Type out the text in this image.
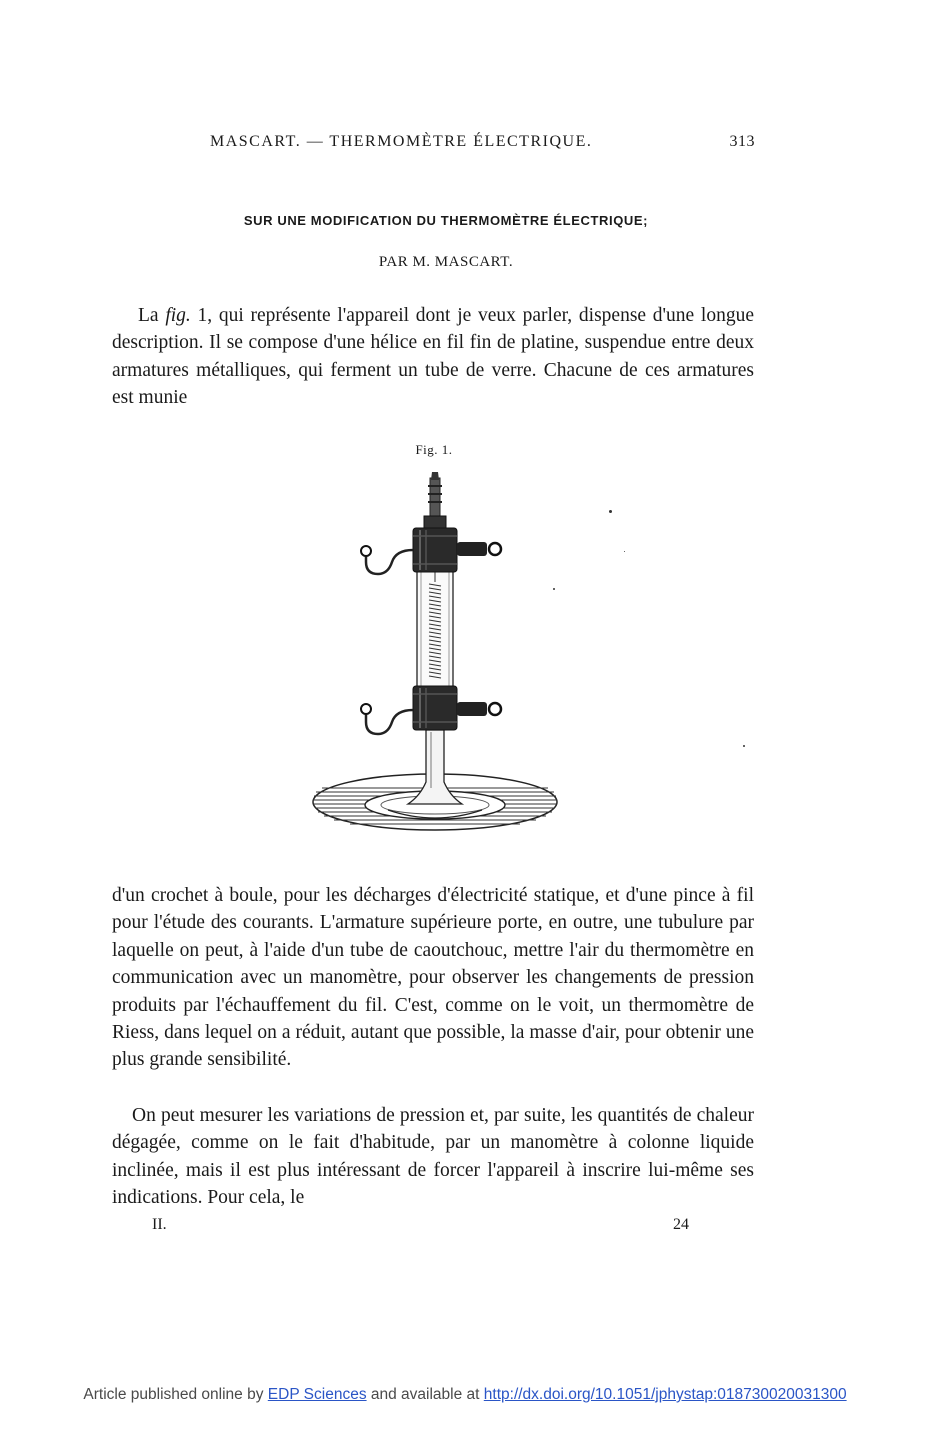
MASCART. — THERMOMÈTRE ÉLECTRIQUE.	313
SUR UNE MODIFICATION DU THERMOMÈTRE ÉLECTRIQUE;
PAR M. MASCART.

La fig. 1, qui représente l'appareil dont je veux parler, dispense d'une longue description. Il se compose d'une hélice en fil fin de platine, suspendue entre deux armatures métalliques, qui ferment un tube de verre. Chacune de ces armatures est munie

Fig. 1.

d'un crochet à boule, pour les décharges d'électricité statique, et d'une pince à fil pour l'étude des courants. L'armature supérieure porte, en outre, une tubulure par laquelle on peut, à l'aide d'un tube de caoutchouc, mettre l'air du thermomètre en communication avec un manomètre, pour observer les changements de pression produits par l'échauffement du fil. C'est, comme on le voit, un thermomètre de Riess, dans lequel on a réduit, autant que possible, la masse d'air, pour obtenir une plus grande sensibilité.

On peut mesurer les variations de pression et, par suite, les quantités de chaleur dégagée, comme on le fait d'habitude, par un manomètre à colonne liquide inclinée, mais il est plus intéressant de forcer l'appareil à inscrire lui-même ses indications. Pour cela, le

II.	24
Article published online by EDP Sciences and available at http://dx.doi.org/10.1051/jphystap:018730020031300
